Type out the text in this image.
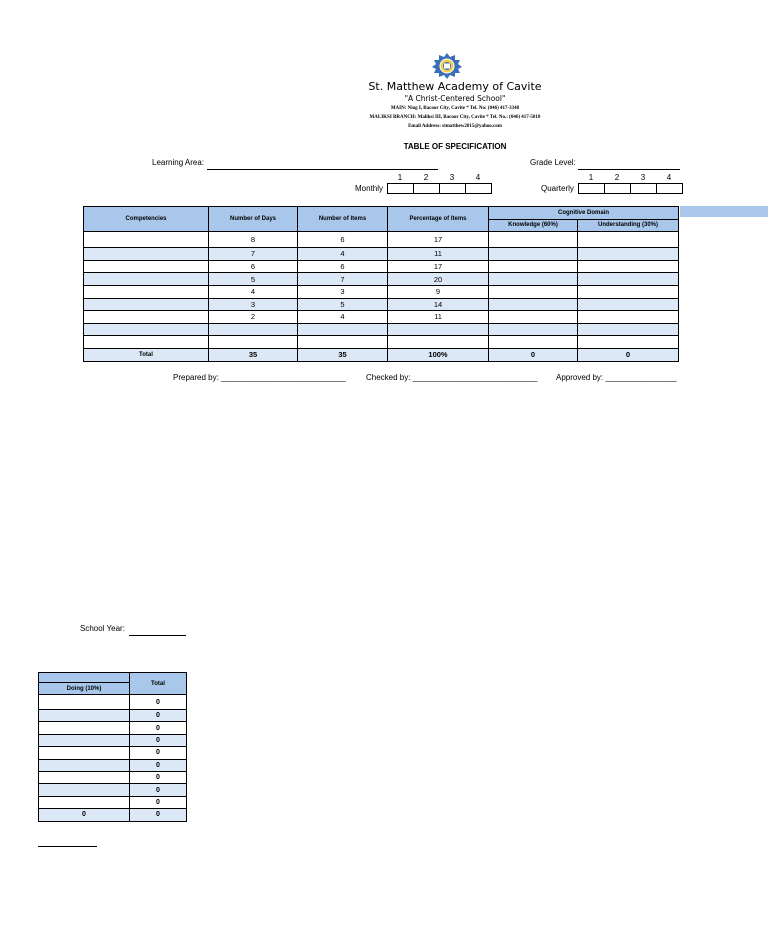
St. Matthew Academy of Cavite
"A Christ-Centered School"
MAIN: Niog I, Bacoor City, Cavite * Tel. No: (046) 417-3348
MALIKSI BRANCH: Maliksi III, Bacoor City, Cavite * Tel. No.: (046) 417-5010
Email Address: stmatthew2015@yahoo.com
TABLE OF SPECIFICATION
Learning Area:	Grade Level:
1	2	3	4
Monthly
1	2	3	4
Quarterly
Competencies	Number of Days	Number of Items	Percentage of Items	Cognitive Domain	
				Knowledge (60%)	Understanding (30%)
	8	6	17		
	7	4	11		
	6	6	17		
	5	7	20		
	4	3	9		
	3	5	14		
	2	4	11		

Total	35	35	100%	0	0
Prepared by: ____________________________	Checked by: ____________________________ Approved by: ________________
School Year:
	Total
Doing (10%)	
	0
	0
	0
	0
	0
	0
	0
	0
	0
0	0
